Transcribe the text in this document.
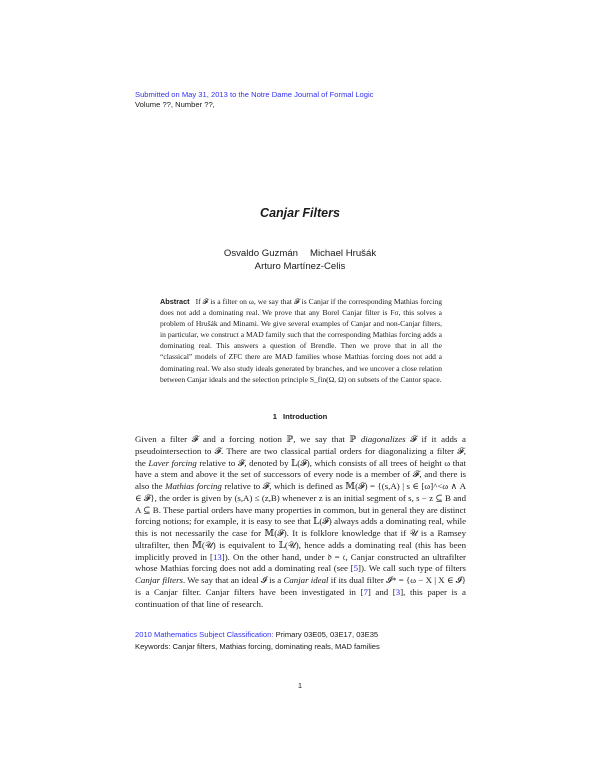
Submitted on May 31, 2013 to the Notre Dame Journal of Formal Logic
Volume ??, Number ??,
Canjar Filters
Osvaldo Guzmán Michael Hrušák
Arturo Martínez-Celis
Abstract If 𝓕 is a filter on ω, we say that 𝓕 is Canjar if the corresponding Mathias forcing does not add a dominating real. We prove that any Borel Canjar filter is Fσ, this solves a problem of Hrušák and Minami. We give several examples of Canjar and non-Canjar filters, in particular, we construct a MAD family such that the corresponding Mathias forcing adds a dominating real. This answers a question of Brendle. Then we prove that in all the “classical” models of ZFC there are MAD families whose Mathias forcing does not add a dominating real. We also study ideals generated by branches, and we uncover a close relation between Canjar ideals and the selection principle S_fin(Ω, Ω) on subsets of the Cantor space.
1 Introduction
Given a filter 𝓕 and a forcing notion ℙ, we say that ℙ diagonalizes 𝓕 if it adds a pseudointersection to 𝓕. There are two classical partial orders for diagonalizing a filter 𝓕, the Laver forcing relative to 𝓕, denoted by 𝕃(𝓕), which consists of all trees of height ω that have a stem and above it the set of successors of every node is a member of 𝓕, and there is also the Mathias forcing relative to 𝓕, which is defined as 𝕄(𝓕) = {(s,A) | s ∈ [ω]^<ω ∧ A ∈ 𝓕}, the order is given by (s,A) ≤ (z,B) whenever z is an initial segment of s, s − z ⊆ B and A ⊆ B. These partial orders have many properties in common, but in general they are distinct forcing notions; for example, it is easy to see that 𝕃(𝓕) always adds a dominating real, while this is not necessarily the case for 𝕄(𝓕). It is folklore knowledge that if 𝒰 is a Ramsey ultrafilter, then 𝕄(𝒰) is equivalent to 𝕃(𝒰), hence adds a dominating real (this has been implicitly proved in [13]). On the other hand, under 𝔡 = 𝔠, Canjar constructed an ultrafilter whose Mathias forcing does not add a dominating real (see [5]). We call such type of filters Canjar filters. We say that an ideal 𝓘 is a Canjar ideal if its dual filter 𝓘* = {ω − X | X ∈ 𝓘} is a Canjar filter. Canjar filters have been investigated in [7] and [3], this paper is a continuation of that line of research.
2010 Mathematics Subject Classification: Primary 03E05, 03E17, 03E35
Keywords: Canjar filters, Mathias forcing, dominating reals, MAD families
1
